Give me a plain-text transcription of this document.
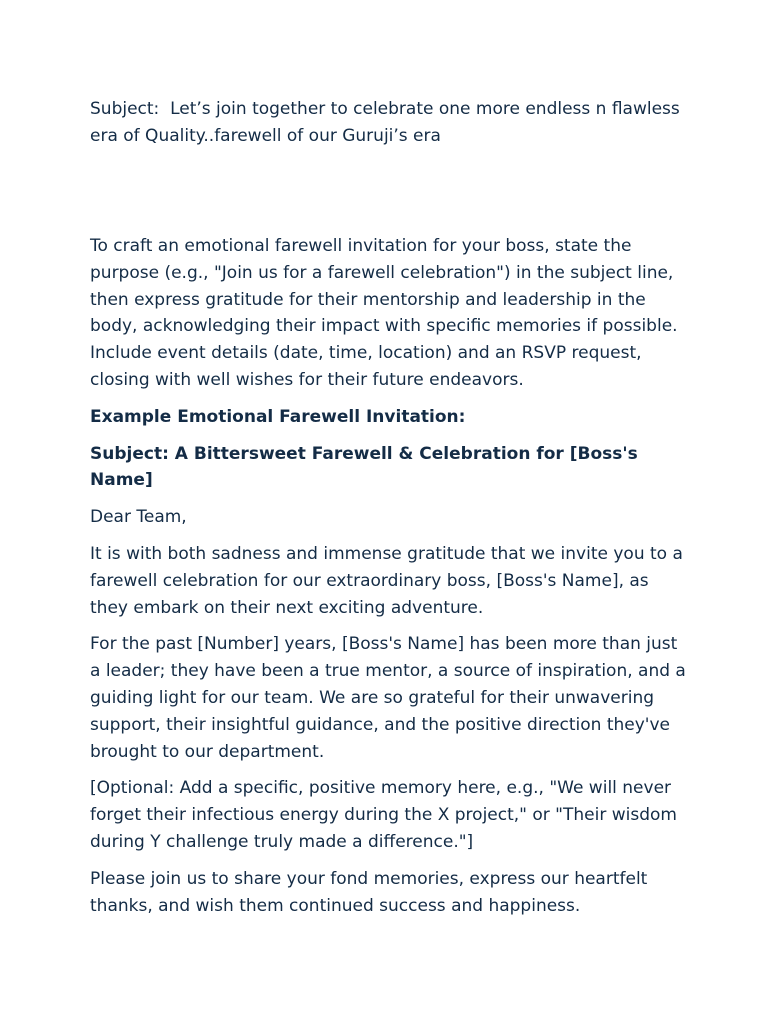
Subject:  Let’s join together to celebrate one more endless n flawless era of Quality..farewell of our Guruji’s era

To craft an emotional farewell invitation for your boss, state the purpose (e.g., "Join us for a farewell celebration") in the subject line, then express gratitude for their mentorship and leadership in the body, acknowledging their impact with specific memories if possible. Include event details (date, time, location) and an RSVP request, closing with well wishes for their future endeavors.

Example Emotional Farewell Invitation:

Subject: A Bittersweet Farewell & Celebration for [Boss's Name]

Dear Team,

It is with both sadness and immense gratitude that we invite you to a farewell celebration for our extraordinary boss, [Boss's Name], as they embark on their next exciting adventure.

For the past [Number] years, [Boss's Name] has been more than just a leader; they have been a true mentor, a source of inspiration, and a guiding light for our team. We are so grateful for their unwavering support, their insightful guidance, and the positive direction they've brought to our department.

[Optional: Add a specific, positive memory here, e.g., "We will never forget their infectious energy during the X project," or "Their wisdom during Y challenge truly made a difference."]

Please join us to share your fond memories, express our heartfelt thanks, and wish them continued success and happiness.
